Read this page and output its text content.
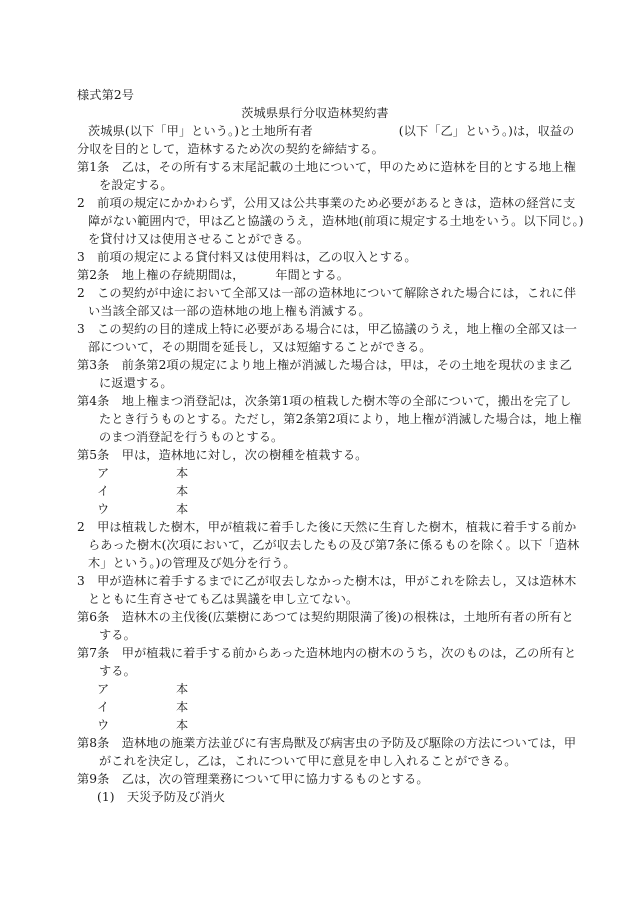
様式第2号
茨城県県行分収造林契約書
茨城県(以下「甲」という。)と土地所有者　　　　　　　(以下「乙」という。)は，収益の
分収を目的として，造林するため次の契約を締結する。
第1条　乙は，その所有する末尾記載の土地について，甲のために造林を目的とする地上権
を設定する。
2　前項の規定にかかわらず，公用又は公共事業のため必要があるときは，造林の経営に支
障がない範囲内で，甲は乙と協議のうえ，造林地(前項に規定する土地をいう。以下同じ。)
を貸付け又は使用させることができる。
3　前項の規定による貸付料又は使用料は，乙の収入とする。
第2条　地上権の存続期間は，　　　年間とする。
2　この契約が中途において全部又は一部の造林地について解除された場合には，これに伴
い当該全部又は一部の造林地の地上権も消滅する。
3　この契約の目的達成上特に必要がある場合には，甲乙協議のうえ，地上権の全部又は一
部について，その期間を延長し，又は短縮することができる。
第3条　前条第2項の規定により地上権が消滅した場合は，甲は，その土地を現状のまま乙
に返還する。
第4条　地上権まつ消登記は，次条第1項の植栽した樹木等の全部について，搬出を完了し
たとき行うものとする。ただし，第2条第2項により，地上権が消滅した場合は，地上権
のまつ消登記を行うものとする。
第5条　甲は，造林地に対し，次の樹種を植栽する。
ア	本
イ	本
ウ	本
2　甲は植栽した樹木，甲が植栽に着手した後に天然に生育した樹木，植栽に着手する前か
らあった樹木(次項において，乙が収去したもの及び第7条に係るものを除く。以下「造林
木」という。)の管理及び処分を行う。
3　甲が造林に着手するまでに乙が収去しなかった樹木は，甲がこれを除去し，又は造林木
とともに生育させても乙は異議を申し立てない。
第6条　造林木の主伐後(広葉樹にあつては契約期限満了後)の根株は，土地所有者の所有と
する。
第7条　甲が植栽に着手する前からあった造林地内の樹木のうち，次のものは，乙の所有と
する。
ア	本
イ	本
ウ	本
第8条　造林地の施業方法並びに有害鳥獣及び病害虫の予防及び駆除の方法については，甲
がこれを決定し，乙は，これについて甲に意見を申し入れることができる。
第9条　乙は，次の管理業務について甲に協力するものとする。
(1)　天災予防及び消火
